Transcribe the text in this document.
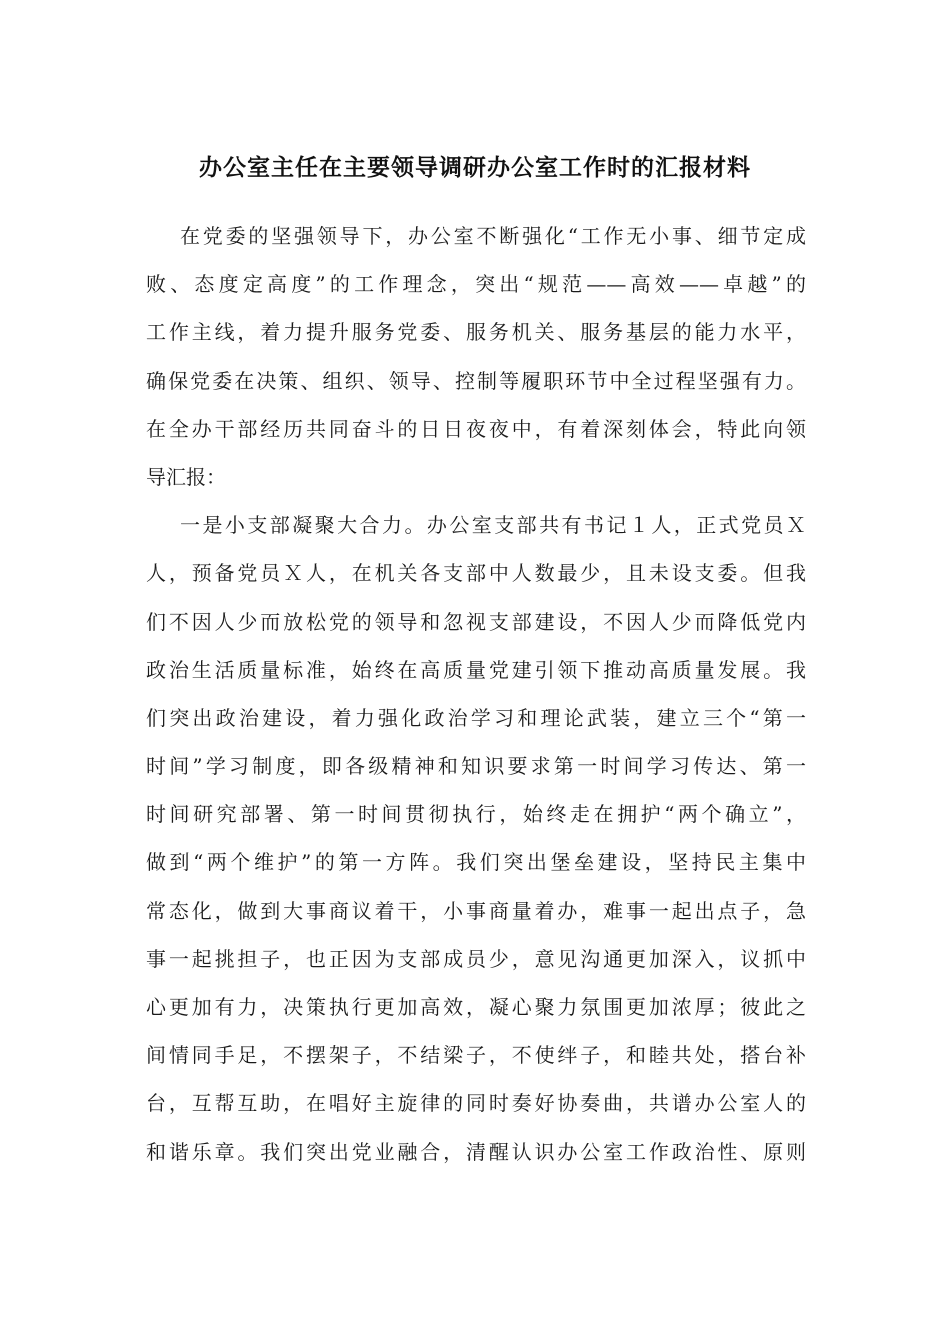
办公室主任在主要领导调研办公室工作时的汇报材料
在党委的坚强领导下，办公室不断强化“工作无小事、细节定成
败、态度定高度”的工作理念，突出“规范——高效——卓越”的
工作主线，着力提升服务党委、服务机关、服务基层的能力水平，
确保党委在决策、组织、领导、控制等履职环节中全过程坚强有力。
在全办干部经历共同奋斗的日日夜夜中，有着深刻体会，特此向领
导汇报：
一是小支部凝聚大合力。办公室支部共有书记１人，正式党员Ｘ
人，预备党员Ｘ人，在机关各支部中人数最少，且未设支委。但我
们不因人少而放松党的领导和忽视支部建设，不因人少而降低党内
政治生活质量标准，始终在高质量党建引领下推动高质量发展。我
们突出政治建设，着力强化政治学习和理论武装，建立三个“第一
时间”学习制度，即各级精神和知识要求第一时间学习传达、第一
时间研究部署、第一时间贯彻执行，始终走在拥护“两个确立”，
做到“两个维护”的第一方阵。我们突出堡垒建设，坚持民主集中
常态化，做到大事商议着干，小事商量着办，难事一起出点子，急
事一起挑担子，也正因为支部成员少，意见沟通更加深入，议抓中
心更加有力，决策执行更加高效，凝心聚力氛围更加浓厚；彼此之
间情同手足，不摆架子，不结梁子，不使绊子，和睦共处，搭台补
台，互帮互助，在唱好主旋律的同时奏好协奏曲，共谱办公室人的
和谐乐章。我们突出党业融合，清醒认识办公室工作政治性、原则
